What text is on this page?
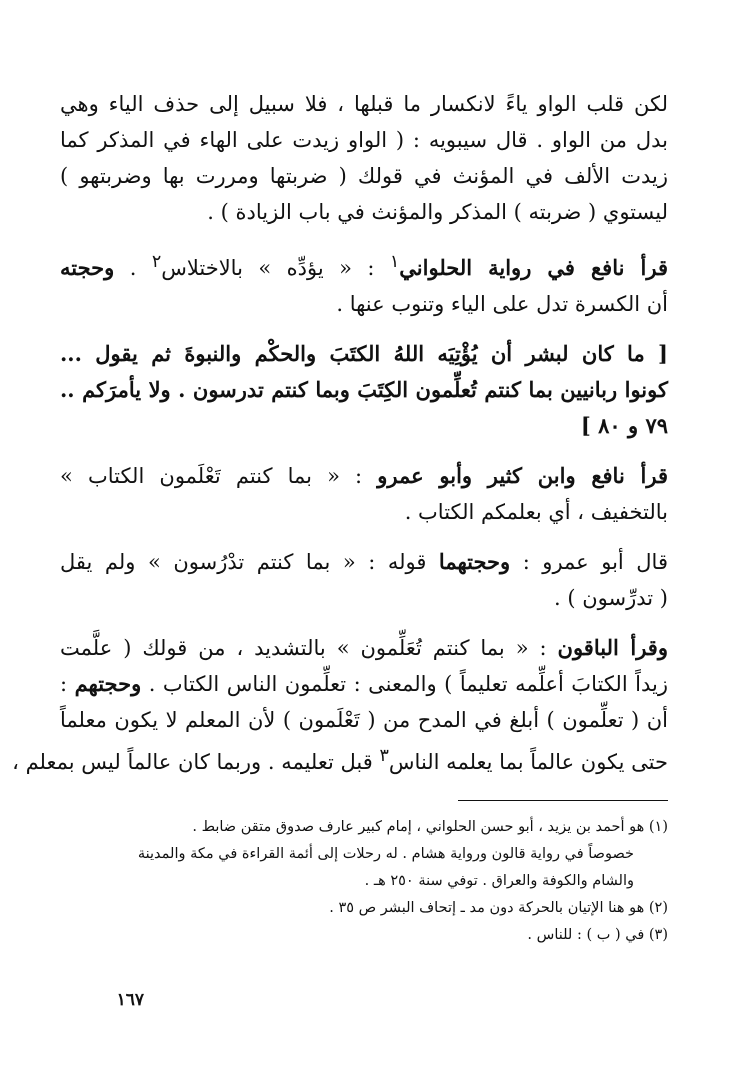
لكن قلب الواو ياءً لانكسار ما قبلها ، فلا سبيل إلى حذف الياء وهي
بدل من الواو . قال سيبويه : ( الواو زيدت على الهاء في المذكر كما
زيدت الألف في المؤنث في قولك ( ضربتها ومررت بها وضربتهو )
ليستوي ( ضربته ) المذكر والمؤنث في باب الزيادة ) .
قرأ نافع في رواية الحلواني$^١$ : « يؤدِّه » بالاختلاس$^٢$ . وحجته
أن الكسرة تدل على الياء وتنوب عنها .
[ ما كان لبشر أن يُؤْتِيَه اللهُ الكتَبَ والحكْم والنبوةَ ثم يقول ...
كونوا ربانيين بما كنتم تُعلِّمون الكِتَبَ وبما كنتم تدرسون . ولا يأمرَكم ..
٧٩ و ٨٠ ]
قرأ نافع وابن كثير وأبو عمرو : « بما كنتم تَعْلَمون الكتاب »
بالتخفيف ، أي بعلمكم الكتاب .
قال أبو عمرو : وحجتهما قوله : « بما كنتم تدْرُسون » ولم يقل
( تدرِّسون ) .
وقرأ الباقون : « بما كنتم تُعَلِّمون » بالتشديد ، من قولك ( علَّمت
زيداً الكتابَ أعلِّمه تعليماً ) والمعنى : تعلِّمون الناس الكتاب . وحجتهم :
أن ( تعلِّمون ) أبلغ في المدح من ( تَعْلَمون ) لأن المعلم لا يكون معلماً
حتى يكون عالماً بما يعلمه الناس$^٣$ قبل تعليمه . وربما كان عالماً ليس بمعلم ،
(١) هو أحمد بن يزيد ، أبو حسن الحلواني ، إمام كبير عارف صدوق متقن ضابط .
خصوصاً في رواية قالون ورواية هشام . له رحلات إلى أئمة القراءة في مكة والمدينة
والشام والكوفة والعراق . توفي سنة ٢٥٠ هـ .
(٢) هو هنا الإتيان بالحركة دون مد ـ إتحاف البشر ص ٣٥ .
(٣) في ( ب ) : للناس .
١٦٧
